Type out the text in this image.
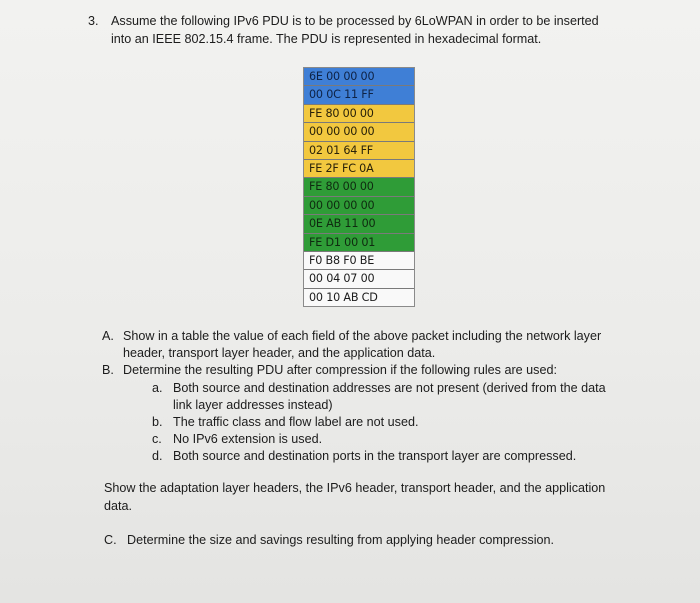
3. Assume the following IPv6 PDU is to be processed by 6LoWPAN in order to be inserted
into an IEEE 802.15.4 frame. The PDU is represented in hexadecimal format.
6E 00 00 00
00 0C 11 FF
FE 80 00 00
00 00 00 00
02 01 64 FF
FE 2F FC 0A
FE 80 00 00
00 00 00 00
0E AB 11 00
FE D1 00 01
F0 B8 F0 BE
00 04 07 00
00 10 AB CD
A. Show in a table the value of each field of the above packet including the network layer
header, transport layer header, and the application data.
B. Determine the resulting PDU after compression if the following rules are used:
a. Both source and destination addresses are not present (derived from the data
link layer addresses instead)
b. The traffic class and flow label are not used.
c. No IPv6 extension is used.
d. Both source and destination ports in the transport layer are compressed.
Show the adaptation layer headers, the IPv6 header, transport header, and the application
data.
C. Determine the size and savings resulting from applying header compression.
